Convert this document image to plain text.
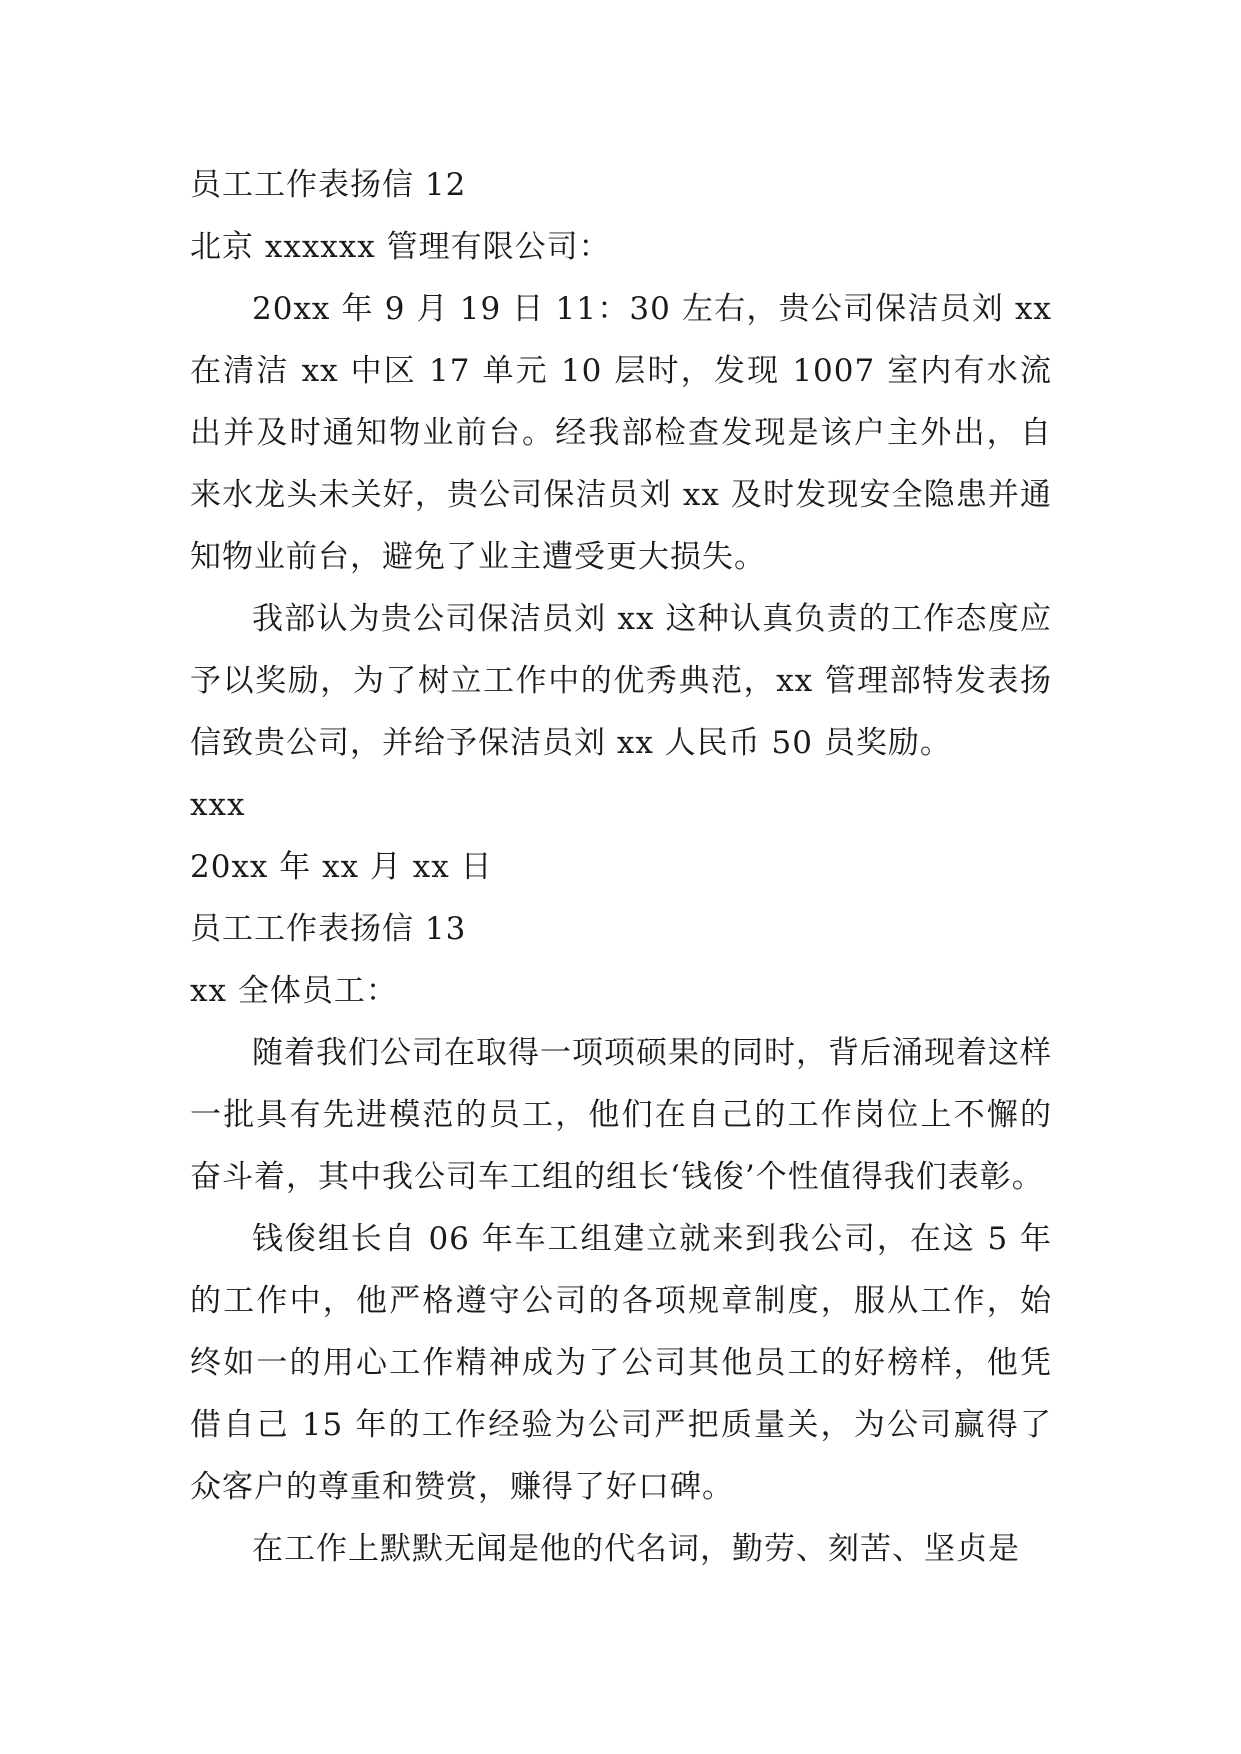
员工工作表扬信 12

北京 xxxxxx 管理有限公司：

20xx 年 9 月 19 日 11：30 左右，贵公司保洁员刘 xx 在清洁 xx 中区 17 单元 10 层时，发现 1007 室内有水流出并及时通知物业前台。经我部检查发现是该户主外出，自来水龙头未关好，贵公司保洁员刘 xx 及时发现安全隐患并通知物业前台，避免了业主遭受更大损失。

我部认为贵公司保洁员刘 xx 这种认真负责的工作态度应予以奖励，为了树立工作中的优秀典范，xx 管理部特发表扬信致贵公司，并给予保洁员刘 xx 人民币 50 员奖励。

xxx

20xx 年 xx 月 xx 日

员工工作表扬信 13

xx 全体员工：

随着我们公司在取得一项项硕果的同时，背后涌现着这样一批具有先进模范的员工，他们在自己的工作岗位上不懈的奋斗着，其中我公司车工组的组长‘钱俊’个性值得我们表彰。

钱俊组长自 06 年车工组建立就来到我公司，在这 5 年的工作中，他严格遵守公司的各项规章制度，服从工作，始终如一的用心工作精神成为了公司其他员工的好榜样，他凭借自己 15 年的工作经验为公司严把质量关，为公司赢得了众客户的尊重和赞赏，赚得了好口碑。

在工作上默默无闻是他的代名词，勤劳、刻苦、坚贞是
